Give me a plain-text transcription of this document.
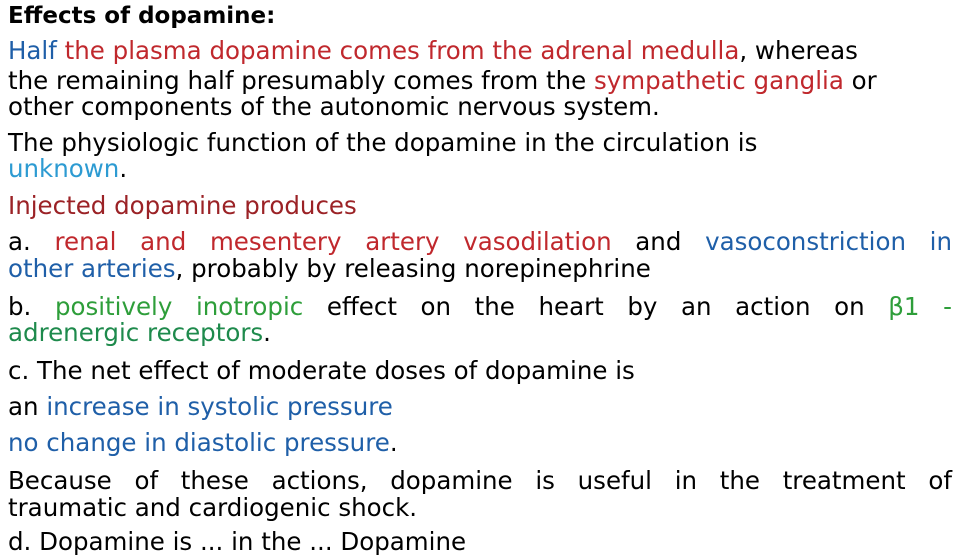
Effects of dopamine:
Half the plasma dopamine comes from the adrenal medulla, whereas
the remaining half presumably comes from the sympathetic ganglia or
other components of the autonomic nervous system.
The physiologic function of the dopamine in the circulation is
unknown.
Injected dopamine produces
a. renal and mesentery artery vasodilation and vasoconstriction in
other arteries, probably by releasing norepinephrine
b. positively inotropic effect on the heart by an action on β1 -
adrenergic receptors.
c. The net effect of moderate doses of dopamine is
an increase in systolic pressure
no change in diastolic pressure.
Because of these actions, dopamine is useful in the treatment of
traumatic and cardiogenic shock.
d. Dopamine is ... in the ... Dopamine
